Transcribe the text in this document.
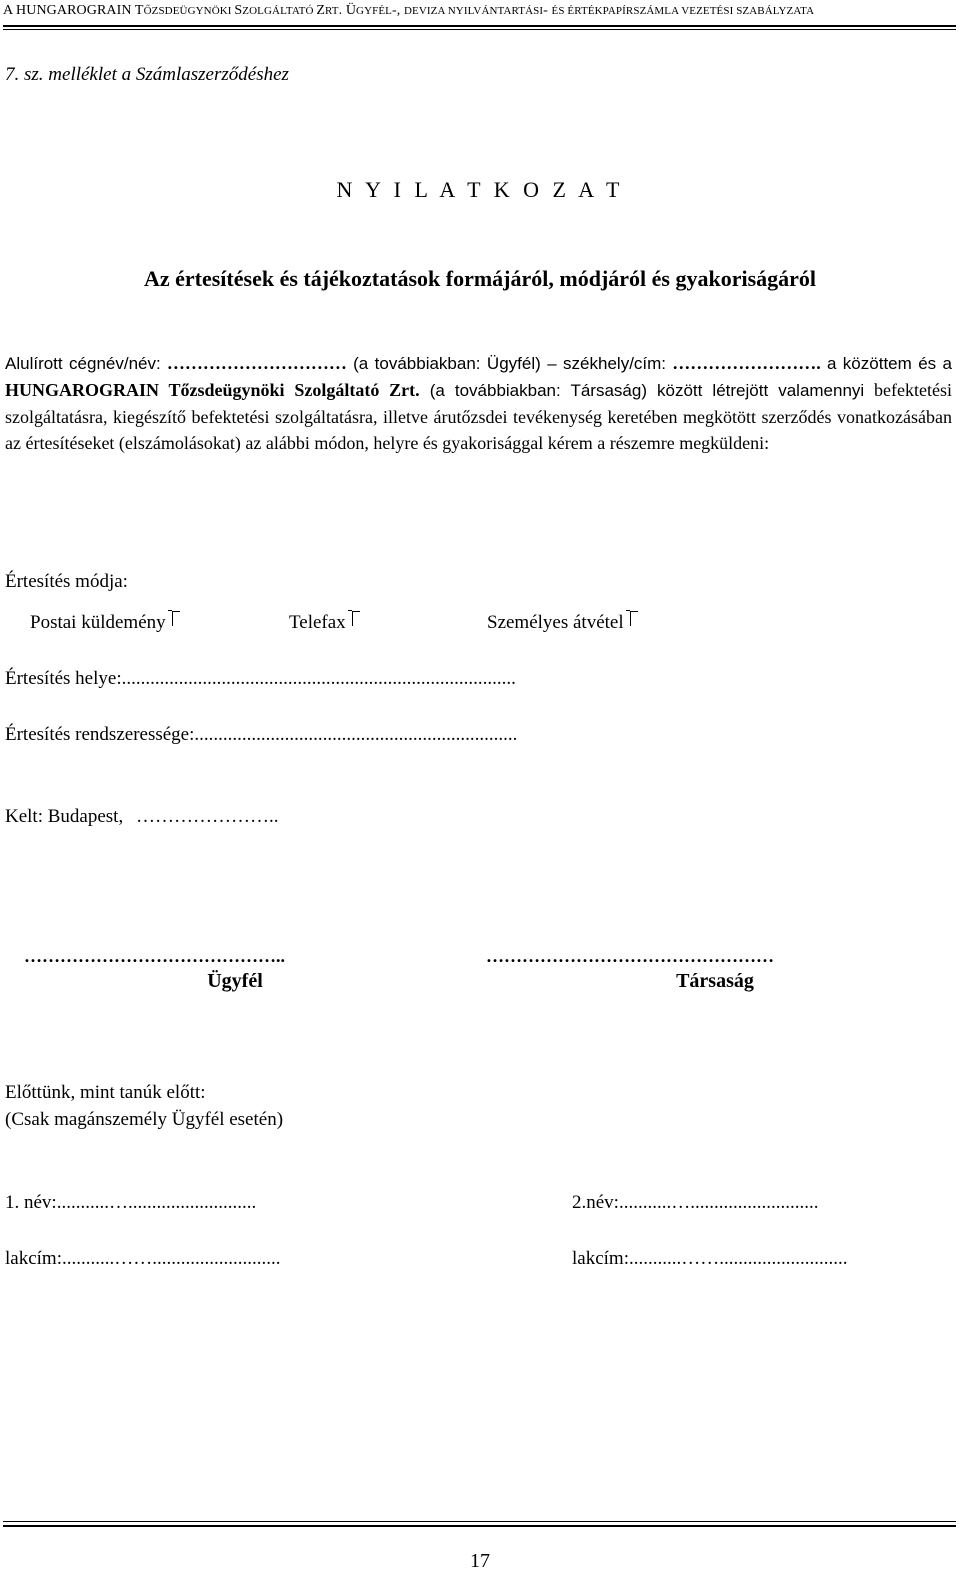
A HUNGAROGRAIN TŐZSDEÜGYNÖKI SZOLGÁLTATÓ ZRT. ÜGYFÉL-, DEVIZA NYILVÁNTARTÁSI- ÉS ÉRTÉKPAPÍRSZÁMLA VEZETÉSI SZABÁLYZATA
7. sz. melléklet a Számlaszerződéshez
N Y I L A T K O Z A T
Az értesítések és tájékoztatások formájáról, módjáról és gyakoriságáról
Alulírott cégnév/név: ………………………… (a továbbiakban: Ügyfél) – székhely/cím: ……………………. a közöttem és a HUNGAROGRAIN Tőzsdeügynöki Szolgáltató Zrt. (a továbbiakban: Társaság) között létrejött valamennyi befektetési szolgáltatásra, kiegészítő befektetési szolgáltatásra, illetve árutőzsdei tevékenység keretében megkötött szerződés vonatkozásában az értesítéseket (elszámolásokat) az alábbi módon, helyre és gyakorisággal kérem a részemre megküldeni:
Értesítés módja:
Postai küldemény	Telefax	Személyes átvétel
Értesítés helye:...................................................................................
Értesítés rendszeressége:....................................................................
Kelt: Budapest, …………………..
……………………………………..
Ügyfél
…………………………………………
Társaság
Előttünk, mint tanúk előtt:
(Csak magánszemély Ügyfél esetén)
1. név:...........…...........................
lakcím:...........……...........................
2.név:...........…...........................
lakcím:...........……...........................
17
